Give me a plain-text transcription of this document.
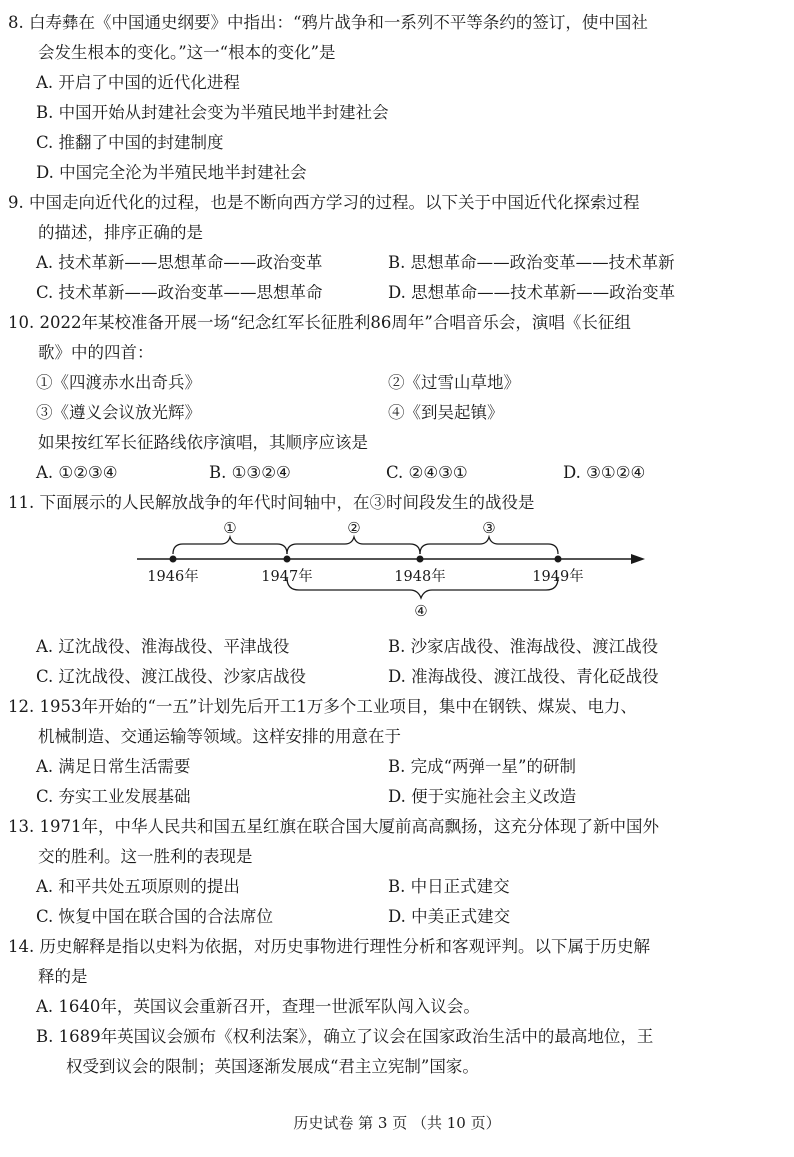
8. 白寿彝在《中国通史纲要》中指出：“鸦片战争和一系列不平等条约的签订，使中国社
会发生根本的变化。”这一“根本的变化”是
A. 开启了中国的近代化进程
B. 中国开始从封建社会变为半殖民地半封建社会
C. 推翻了中国的封建制度
D. 中国完全沦为半殖民地半封建社会
9. 中国走向近代化的过程，也是不断向西方学习的过程。以下关于中国近代化探索过程
的描述，排序正确的是
A. 技术革新——思想革命——政治变革	B. 思想革命——政治变革——技术革新
C. 技术革新——政治变革——思想革命	D. 思想革命——技术革新——政治变革
10. 2022年某校准备开展一场“纪念红军长征胜利86周年”合唱音乐会，演唱《长征组
歌》中的四首：
①《四渡赤水出奇兵》	②《过雪山草地》
③《遵义会议放光辉》	④《到吴起镇》
如果按红军长征路线依序演唱，其顺序应该是
A. ①②③④	B. ①③②④	C. ②④③①	D. ③①②④
11. 下面展示的人民解放战争的年代时间轴中，在③时间段发生的战役是
①	②	③
④
1946年	1947年	1948年	1949年
A. 辽沈战役、淮海战役、平津战役	B. 沙家店战役、淮海战役、渡江战役
C. 辽沈战役、渡江战役、沙家店战役	D. 准海战役、渡江战役、青化砭战役
12. 1953年开始的“一五”计划先后开工1万多个工业项目，集中在钢铁、煤炭、电力、
机械制造、交通运输等领域。这样安排的用意在于
A. 满足日常生活需要	B. 完成“两弹一星”的研制
C. 夯实工业发展基础	D. 便于实施社会主义改造
13. 1971年，中华人民共和国五星红旗在联合国大厦前高高飘扬，这充分体现了新中国外
交的胜利。这一胜利的表现是
A. 和平共处五项原则的提出	B. 中日正式建交
C. 恢复中国在联合国的合法席位	D. 中美正式建交
14. 历史解释是指以史料为依据，对历史事物进行理性分析和客观评判。以下属于历史解
释的是
A. 1640年，英国议会重新召开，查理一世派军队闯入议会。
B. 1689年英国议会颁布《权利法案》，确立了议会在国家政治生活中的最高地位，王
权受到议会的限制；英国逐渐发展成“君主立宪制”国家。
历史试卷 第 3 页 （共 10 页）
